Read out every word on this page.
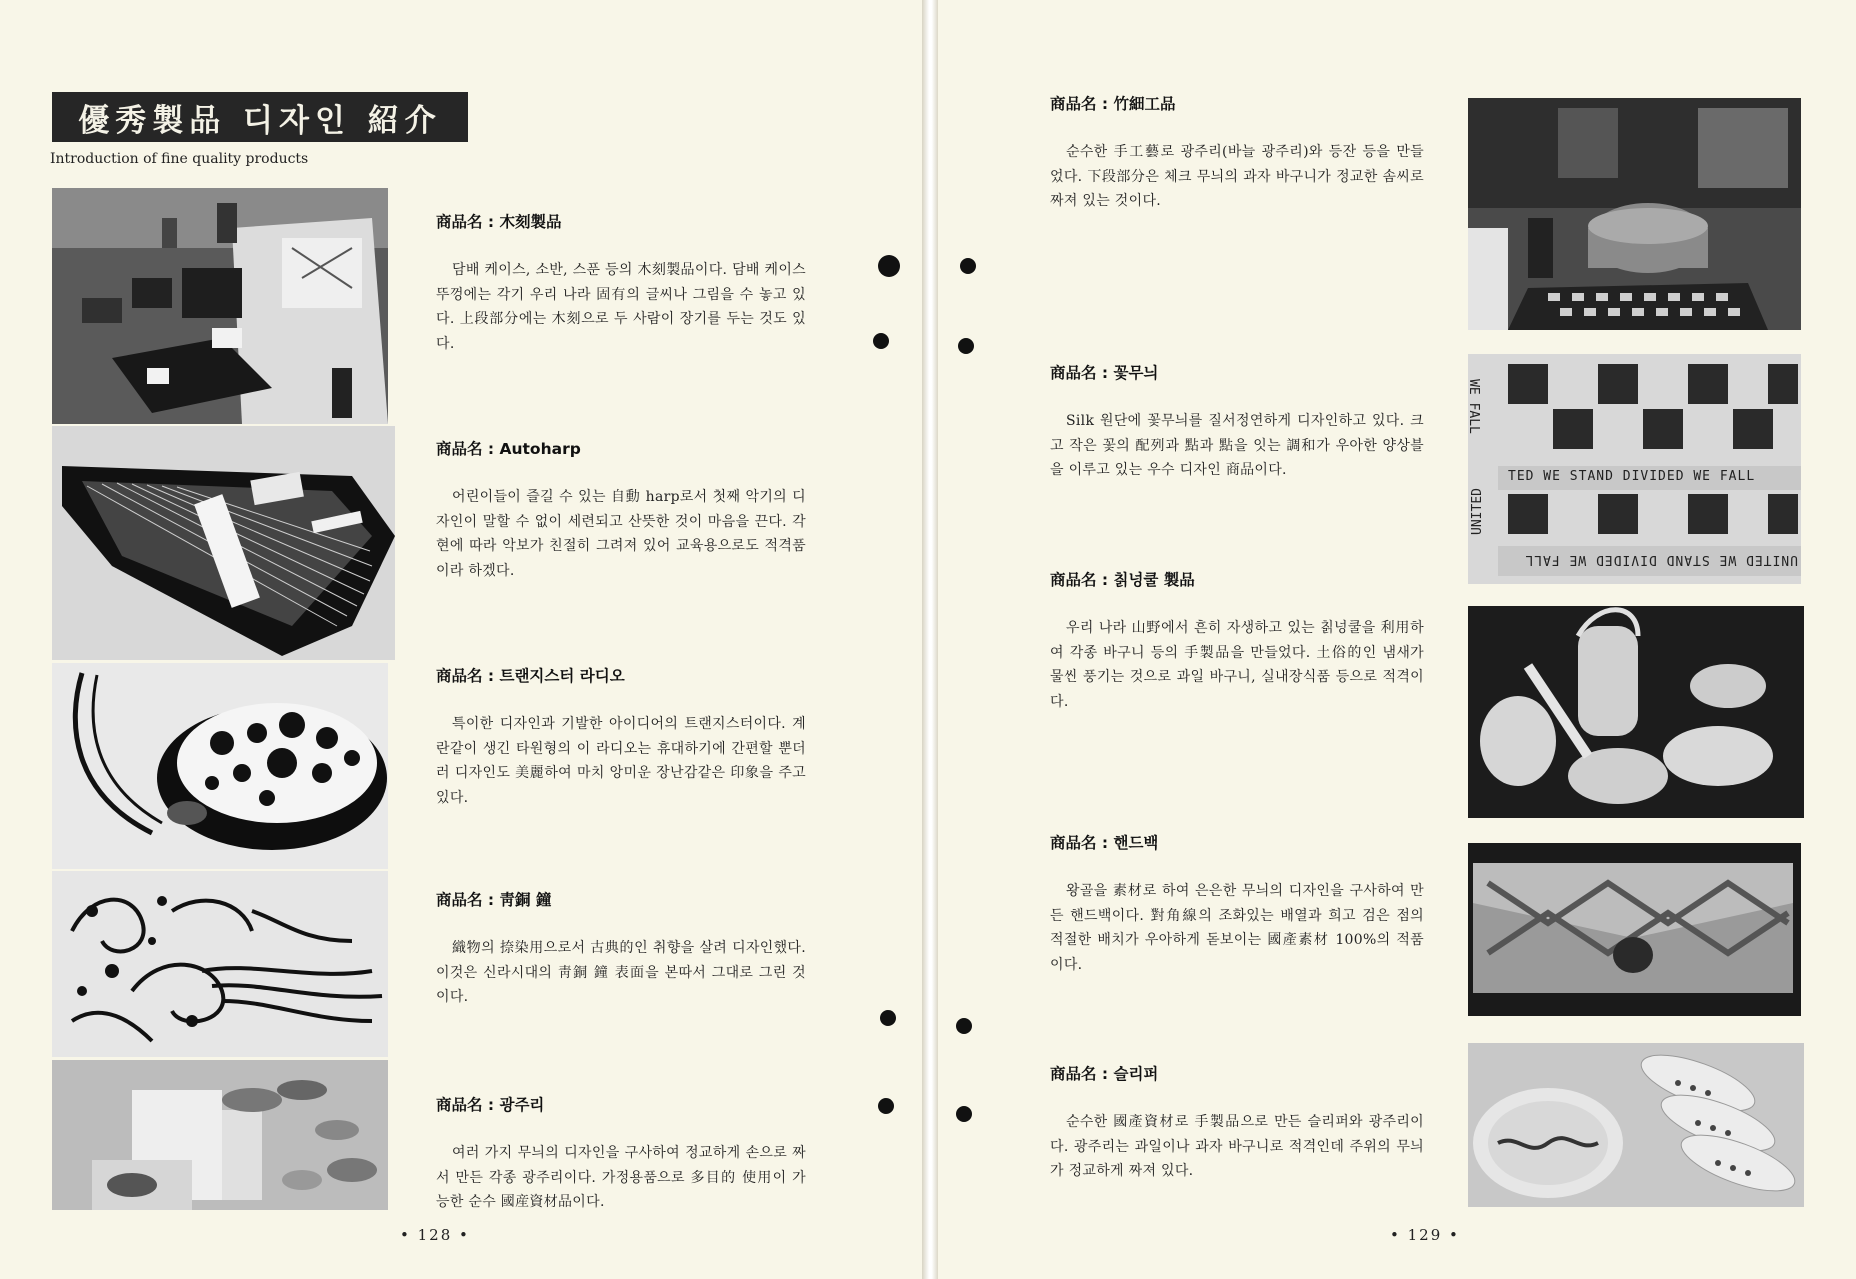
優秀製品 디자인 紹介
Introduction of fine quality products

商品名 : 木刻製品

담배 케이스, 소반, 스푼 등의 木刻製品이다. 담배 케이스 뚜껑에는 각기 우리 나라 固有의 글씨나 그림을 수 놓고 있다. 上段部分에는 木刻으로 두 사람이 장기를 두는 것도 있다.

商品名 : Autoharp

어린이들이 즐길 수 있는 自動 harp로서 첫째 악기의 디자인이 말할 수 없이 세련되고 산뜻한 것이 마음을 끈다. 각 현에 따라 악보가 친절히 그려져 있어 교육용으로도 적격품이라 하겠다.

商品名 : 트랜지스터 라디오

특이한 디자인과 기발한 아이디어의 트랜지스터이다. 계란같이 생긴 타원형의 이 라디오는 휴대하기에 간편할 뿐더러 디자인도 美麗하여 마치 앙미운 장난감같은 印象을 주고 있다.

商品名 : 靑銅 鐘

織物의 捺染用으로서 古典的인 취향을 살려 디자인했다. 이것은 신라시대의 靑銅 鐘 表面을 본따서 그대로 그린 것이다.

商品名 : 광주리

여러 가지 무늬의 디자인을 구사하여 정교하게 손으로 짜서 만든 각종 광주리이다. 가정용품으로 多目的 使用이 가능한 순수 國産資材品이다.

• 128 •

商品名 : 竹細工品

순수한 手工藝로 광주리(바늘 광주리)와 등잔 등을 만들었다. 下段部分은 체크 무늬의 과자 바구니가 정교한 솜씨로 짜져 있는 것이다.

商品名 : 꽃무늬

Silk 원단에 꽃무늬를 질서정연하게 디자인하고 있다. 크고 작은 꽃의 配列과 點과 點을 잇는 調和가 우아한 양상블을 이루고 있는 우수 디자인 商品이다.

商品名 : 칡넝쿨 製品

우리 나라 山野에서 흔히 자생하고 있는 칡넝쿨을 利用하여 각종 바구니 등의 手製品을 만들었다. 土俗的인 냄새가 물씬 풍기는 것으로 과일 바구니, 실내장식품 등으로 적격이다.

商品名 : 핸드백

왕골을 素材로 하여 은은한 무늬의 디자인을 구사하여 만든 핸드백이다. 對角線의 조화있는 배열과 희고 검은 점의 적절한 배치가 우아하게 돋보이는 國產素材 100%의 적품이다.

商品名 : 슬리퍼

순수한 國產資材로 手製品으로 만든 슬리퍼와 광주리이다. 광주리는 과일이나 과자 바구니로 적격인데 주위의 무늬가 정교하게 짜져 있다.

TED WE STAND DIVIDED WE FALL
UNITED WE STAND DIVIDED WE FALL
WE FALL
UNITED
• 129 •
